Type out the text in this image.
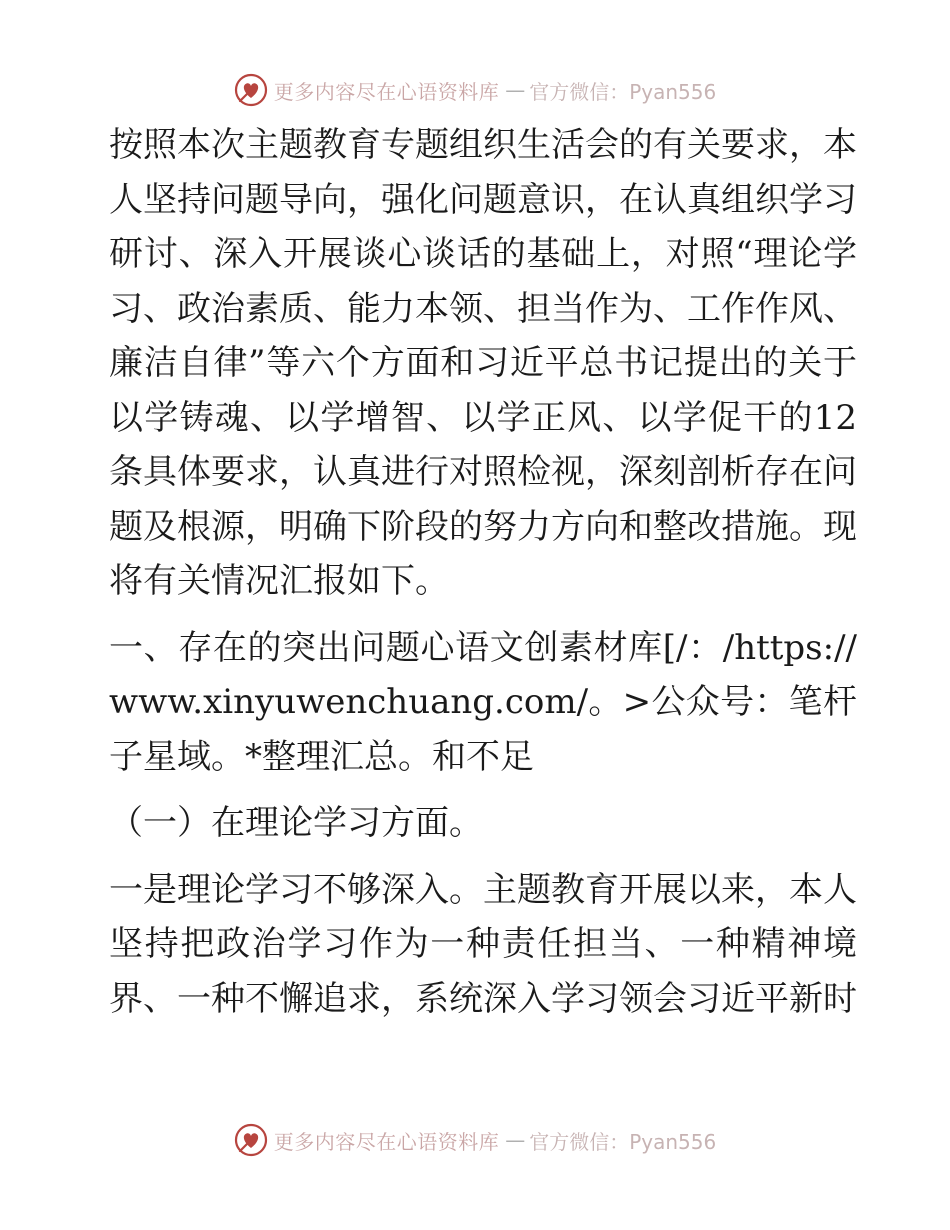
更多内容尽在心语资料库 — 官方微信：Pyan556

按照本次主题教育专题组织生活会的有关要求，本人坚持问题导向，强化问题意识，在认真组织学习研讨、深入开展谈心谈话的基础上，对照“理论学习、政治素质、能力本领、担当作为、工作作风、廉洁自律”等六个方面和习近平总书记提出的关于以学铸魂、以学增智、以学正风、以学促干的12条具体要求，认真进行对照检视，深刻剖析存在问题及根源，明确下阶段的努力方向和整改措施。现将有关情况汇报如下。

一、存在的突出问题心语文创素材库[/：/https://www.xinyuwenchuang.com/。>公众号：笔杆子星域。*整理汇总。和不足

（一）在理论学习方面。

一是理论学习不够深入。主题教育开展以来，本人坚持把政治学习作为一种责任担当、一种精神境界、一种不懈追求，系统深入学习领会习近平新时

更多内容尽在心语资料库 — 官方微信：Pyan556
